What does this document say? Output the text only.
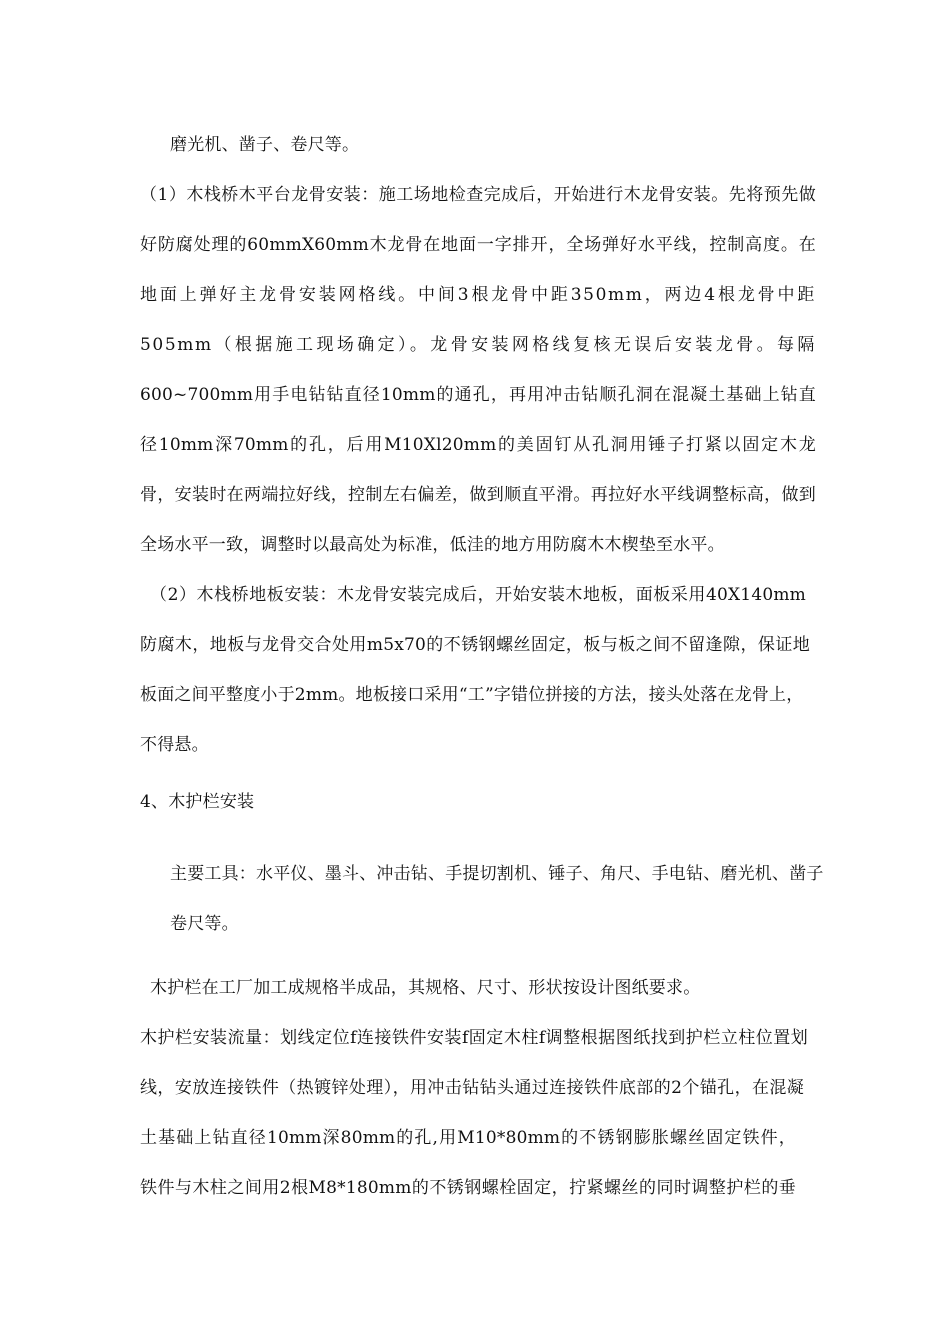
磨光机、凿子、卷尺等。
（1）木栈桥木平台龙骨安装：施工场地检查完成后，开始进行木龙骨安装。先将预先做
好防腐处理的60mmX60mm木龙骨在地面一字排开，全场弹好水平线，控制高度。在
地面上弹好主龙骨安装网格线。中间3根龙骨中距350mm，两边4根龙骨中距
505mm（根据施工现场确定）。龙骨安装网格线复核无误后安装龙骨。每隔
600~700mm用手电钻钻直径10mm的通孔，再用冲击钻顺孔洞在混凝土基础上钻直
径10mm深70mm的孔，后用M10Xl20mm的美固钉从孔洞用锤子打紧以固定木龙
骨，安装时在两端拉好线，控制左右偏差，做到顺直平滑。再拉好水平线调整标高，做到
全场水平一致，调整时以最高处为标准，低洼的地方用防腐木木楔垫至水平。
（2）木栈桥地板安装：木龙骨安装完成后，开始安装木地板，面板采用40X140mm
防腐木，地板与龙骨交合处用m5x70的不锈钢螺丝固定，板与板之间不留逢隙，保证地
板面之间平整度小于2mm。地板接口采用“工”字错位拼接的方法，接头处落在龙骨上，
不得悬。
4、木护栏安装
主要工具：水平仪、墨斗、冲击钻、手提切割机、锤子、角尺、手电钻、磨光机、凿子
卷尺等。
木护栏在工厂加工成规格半成品，其规格、尺寸、形状按设计图纸要求。
木护栏安装流量：划线定位f连接铁件安装f固定木柱f调整根据图纸找到护栏立柱位置划
线，安放连接铁件（热镀锌处理），用冲击钻钻头通过连接铁件底部的2个锚孔，在混凝
土基础上钻直径10mm深80mm的孔,用M10*80mm的不锈钢膨胀螺丝固定铁件，
铁件与木柱之间用2根M8*180mm的不锈钢螺栓固定，拧紧螺丝的同时调整护栏的垂
